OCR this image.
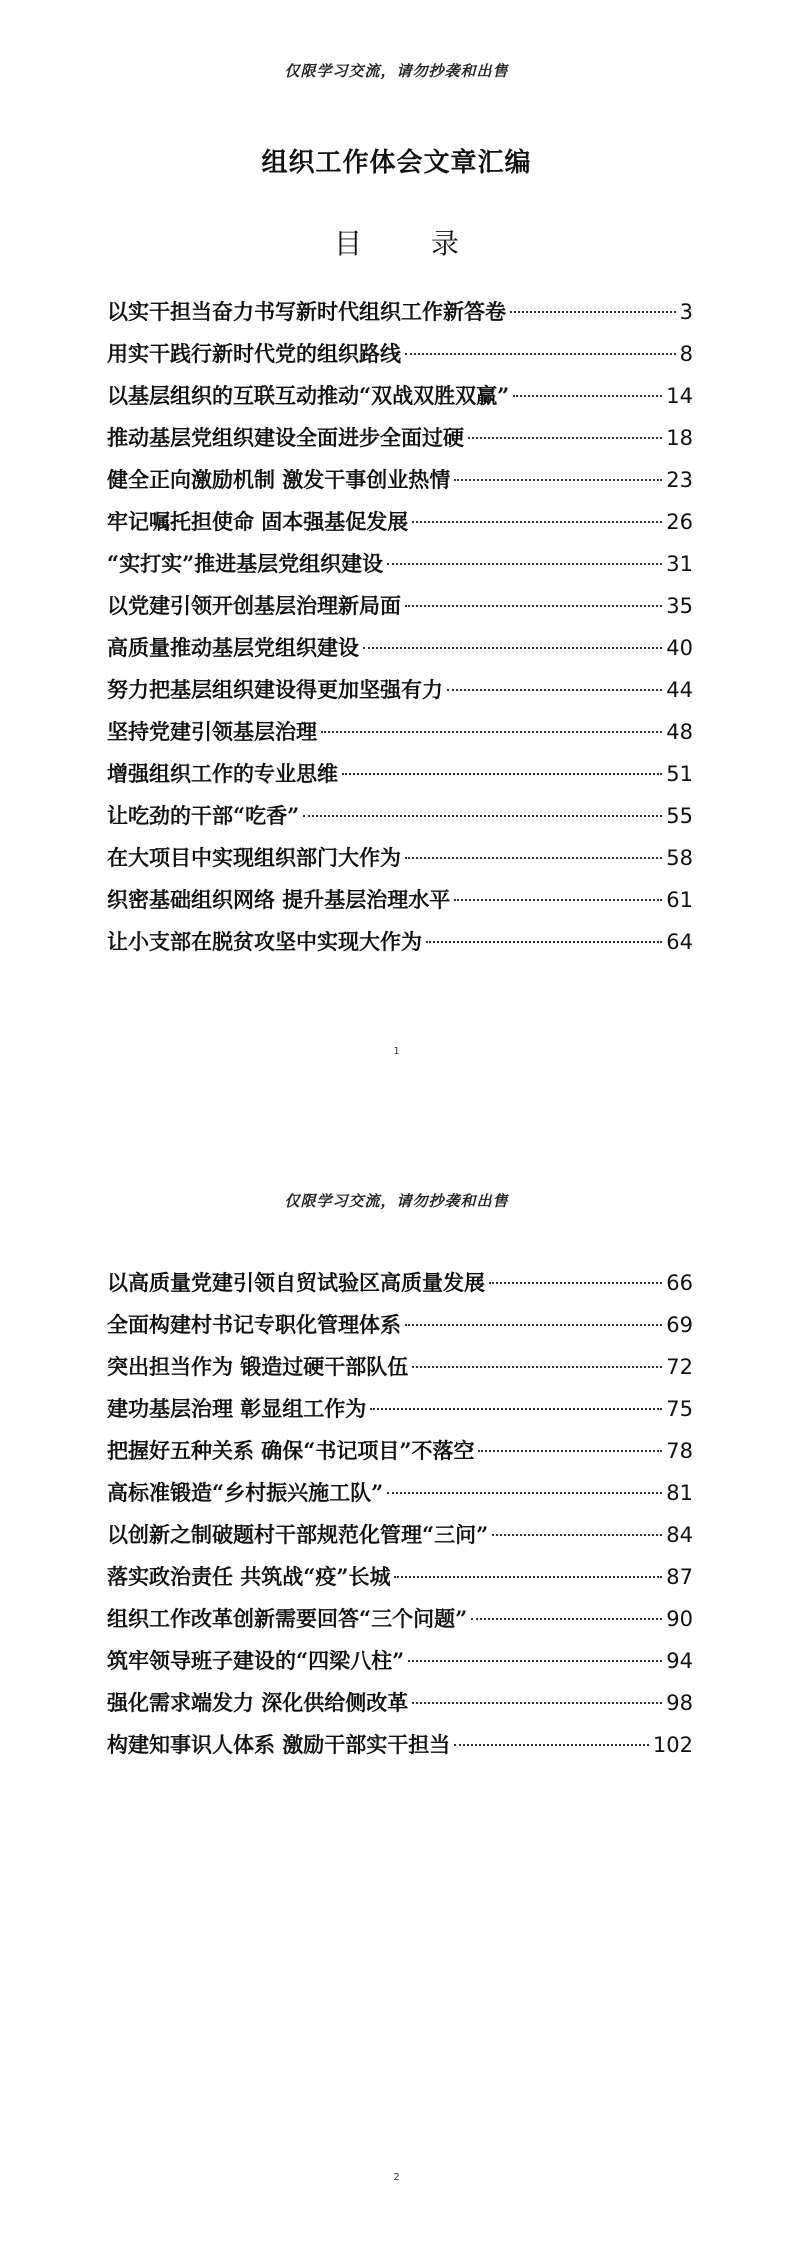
仅限学习交流，请勿抄袭和出售
组织工作体会文章汇编
目 录
以实干担当奋力书写新时代组织工作新答卷	3
用实干践行新时代党的组织路线	8
以基层组织的互联互动推动“双战双胜双赢”	14
推动基层党组织建设全面进步全面过硬	18
健全正向激励机制 激发干事创业热情	23
牢记嘱托担使命 固本强基促发展	26
“实打实”推进基层党组织建设	31
以党建引领开创基层治理新局面	35
高质量推动基层党组织建设	40
努力把基层组织建设得更加坚强有力	44
坚持党建引领基层治理	48
增强组织工作的专业思维	51
让吃劲的干部“吃香”	55
在大项目中实现组织部门大作为	58
织密基础组织网络 提升基层治理水平	61
让小支部在脱贫攻坚中实现大作为	64
1
仅限学习交流，请勿抄袭和出售
以高质量党建引领自贸试验区高质量发展	66
全面构建村书记专职化管理体系	69
突出担当作为 锻造过硬干部队伍	72
建功基层治理 彰显组工作为	75
把握好五种关系 确保“书记项目”不落空	78
高标准锻造“乡村振兴施工队”	81
以创新之制破题村干部规范化管理“三问”	84
落实政治责任 共筑战“疫”长城	87
组织工作改革创新需要回答“三个问题”	90
筑牢领导班子建设的“四梁八柱”	94
强化需求端发力 深化供给侧改革	98
构建知事识人体系 激励干部实干担当	102
2
